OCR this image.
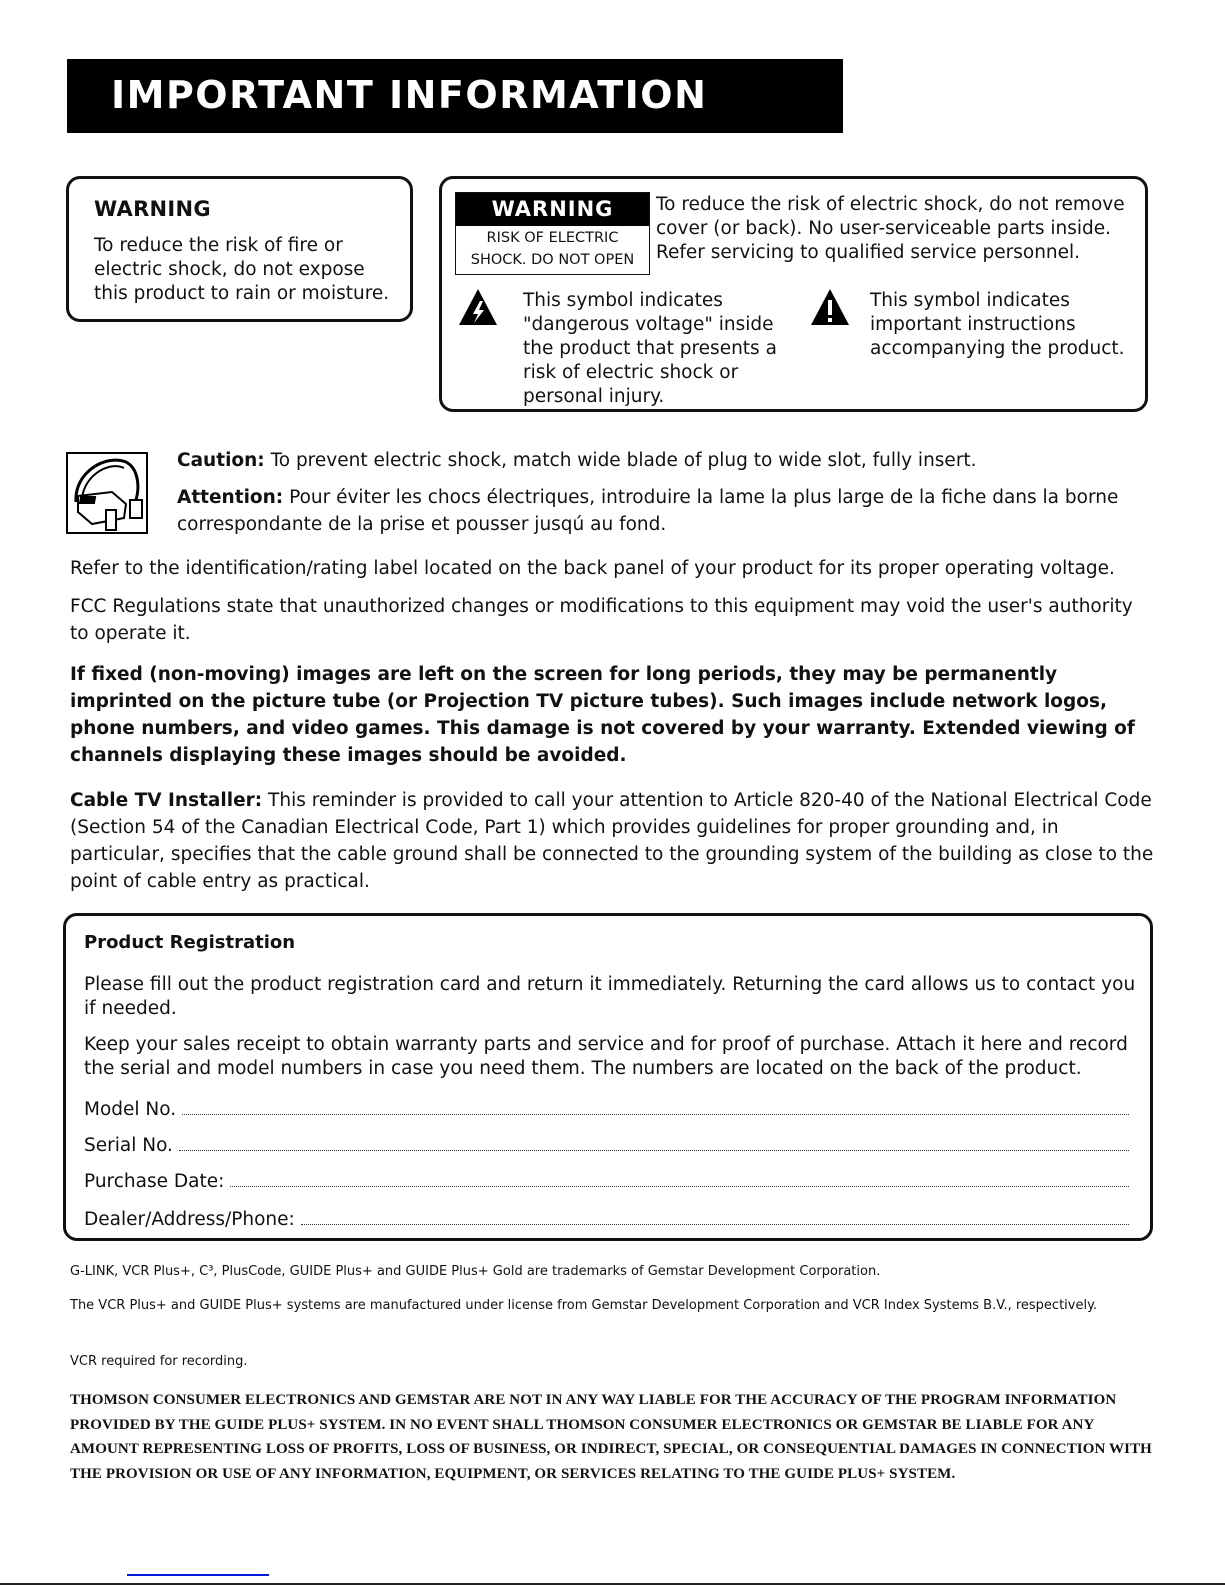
IMPORTANT INFORMATION
WARNING
To reduce the risk of fire or electric shock, do not expose this product to rain or moisture.
WARNING
RISK OF ELECTRIC
SHOCK. DO NOT OPEN
To reduce the risk of electric shock, do not remove cover (or back). No user-serviceable parts inside. Refer servicing to qualified service personnel.
This symbol indicates "dangerous voltage" inside the product that presents a risk of electric shock or personal injury.
This symbol indicates important instructions accompanying the product.
Caution: To prevent electric shock, match wide blade of plug to wide slot, fully insert.
Attention: Pour éviter les chocs électriques, introduire la lame la plus large de la fiche dans la borne correspondante de la prise et pousser jusqú au fond.
Refer to the identification/rating label located on the back panel of your product for its proper operating voltage.
FCC Regulations state that unauthorized changes or modifications to this equipment may void the user's authority to operate it.
If fixed (non-moving) images are left on the screen for long periods, they may be permanently imprinted on the picture tube (or Projection TV picture tubes). Such images include network logos, phone numbers, and video games. This damage is not covered by your warranty. Extended viewing of channels displaying these images should be avoided.
Cable TV Installer: This reminder is provided to call your attention to Article 820-40 of the National Electrical Code (Section 54 of the Canadian Electrical Code, Part 1) which provides guidelines for proper grounding and, in particular, specifies that the cable ground shall be connected to the grounding system of the building as close to the point of cable entry as practical.
Product Registration
Please fill out the product registration card and return it immediately. Returning the card allows us to contact you if needed.
Keep your sales receipt to obtain warranty parts and service and for proof of purchase. Attach it here and record the serial and model numbers in case you need them. The numbers are located on the back of the product.
Model No.
Serial No.
Purchase Date:
Dealer/Address/Phone:
G-LINK, VCR Plus+, C³, PlusCode, GUIDE Plus+ and GUIDE Plus+ Gold are trademarks of Gemstar Development Corporation.
The VCR Plus+ and GUIDE Plus+ systems are manufactured under license from Gemstar Development Corporation and VCR Index Systems B.V., respectively.
VCR required for recording.
THOMSON CONSUMER ELECTRONICS AND GEMSTAR ARE NOT IN ANY WAY LIABLE FOR THE ACCURACY OF THE PROGRAM INFORMATION PROVIDED BY THE GUIDE PLUS+ SYSTEM. IN NO EVENT SHALL THOMSON CONSUMER ELECTRONICS OR GEMSTAR BE LIABLE FOR ANY AMOUNT REPRESENTING LOSS OF PROFITS, LOSS OF BUSINESS, OR INDIRECT, SPECIAL, OR CONSEQUENTIAL DAMAGES IN CONNECTION WITH THE PROVISION OR USE OF ANY INFORMATION, EQUIPMENT, OR SERVICES RELATING TO THE GUIDE PLUS+ SYSTEM.
